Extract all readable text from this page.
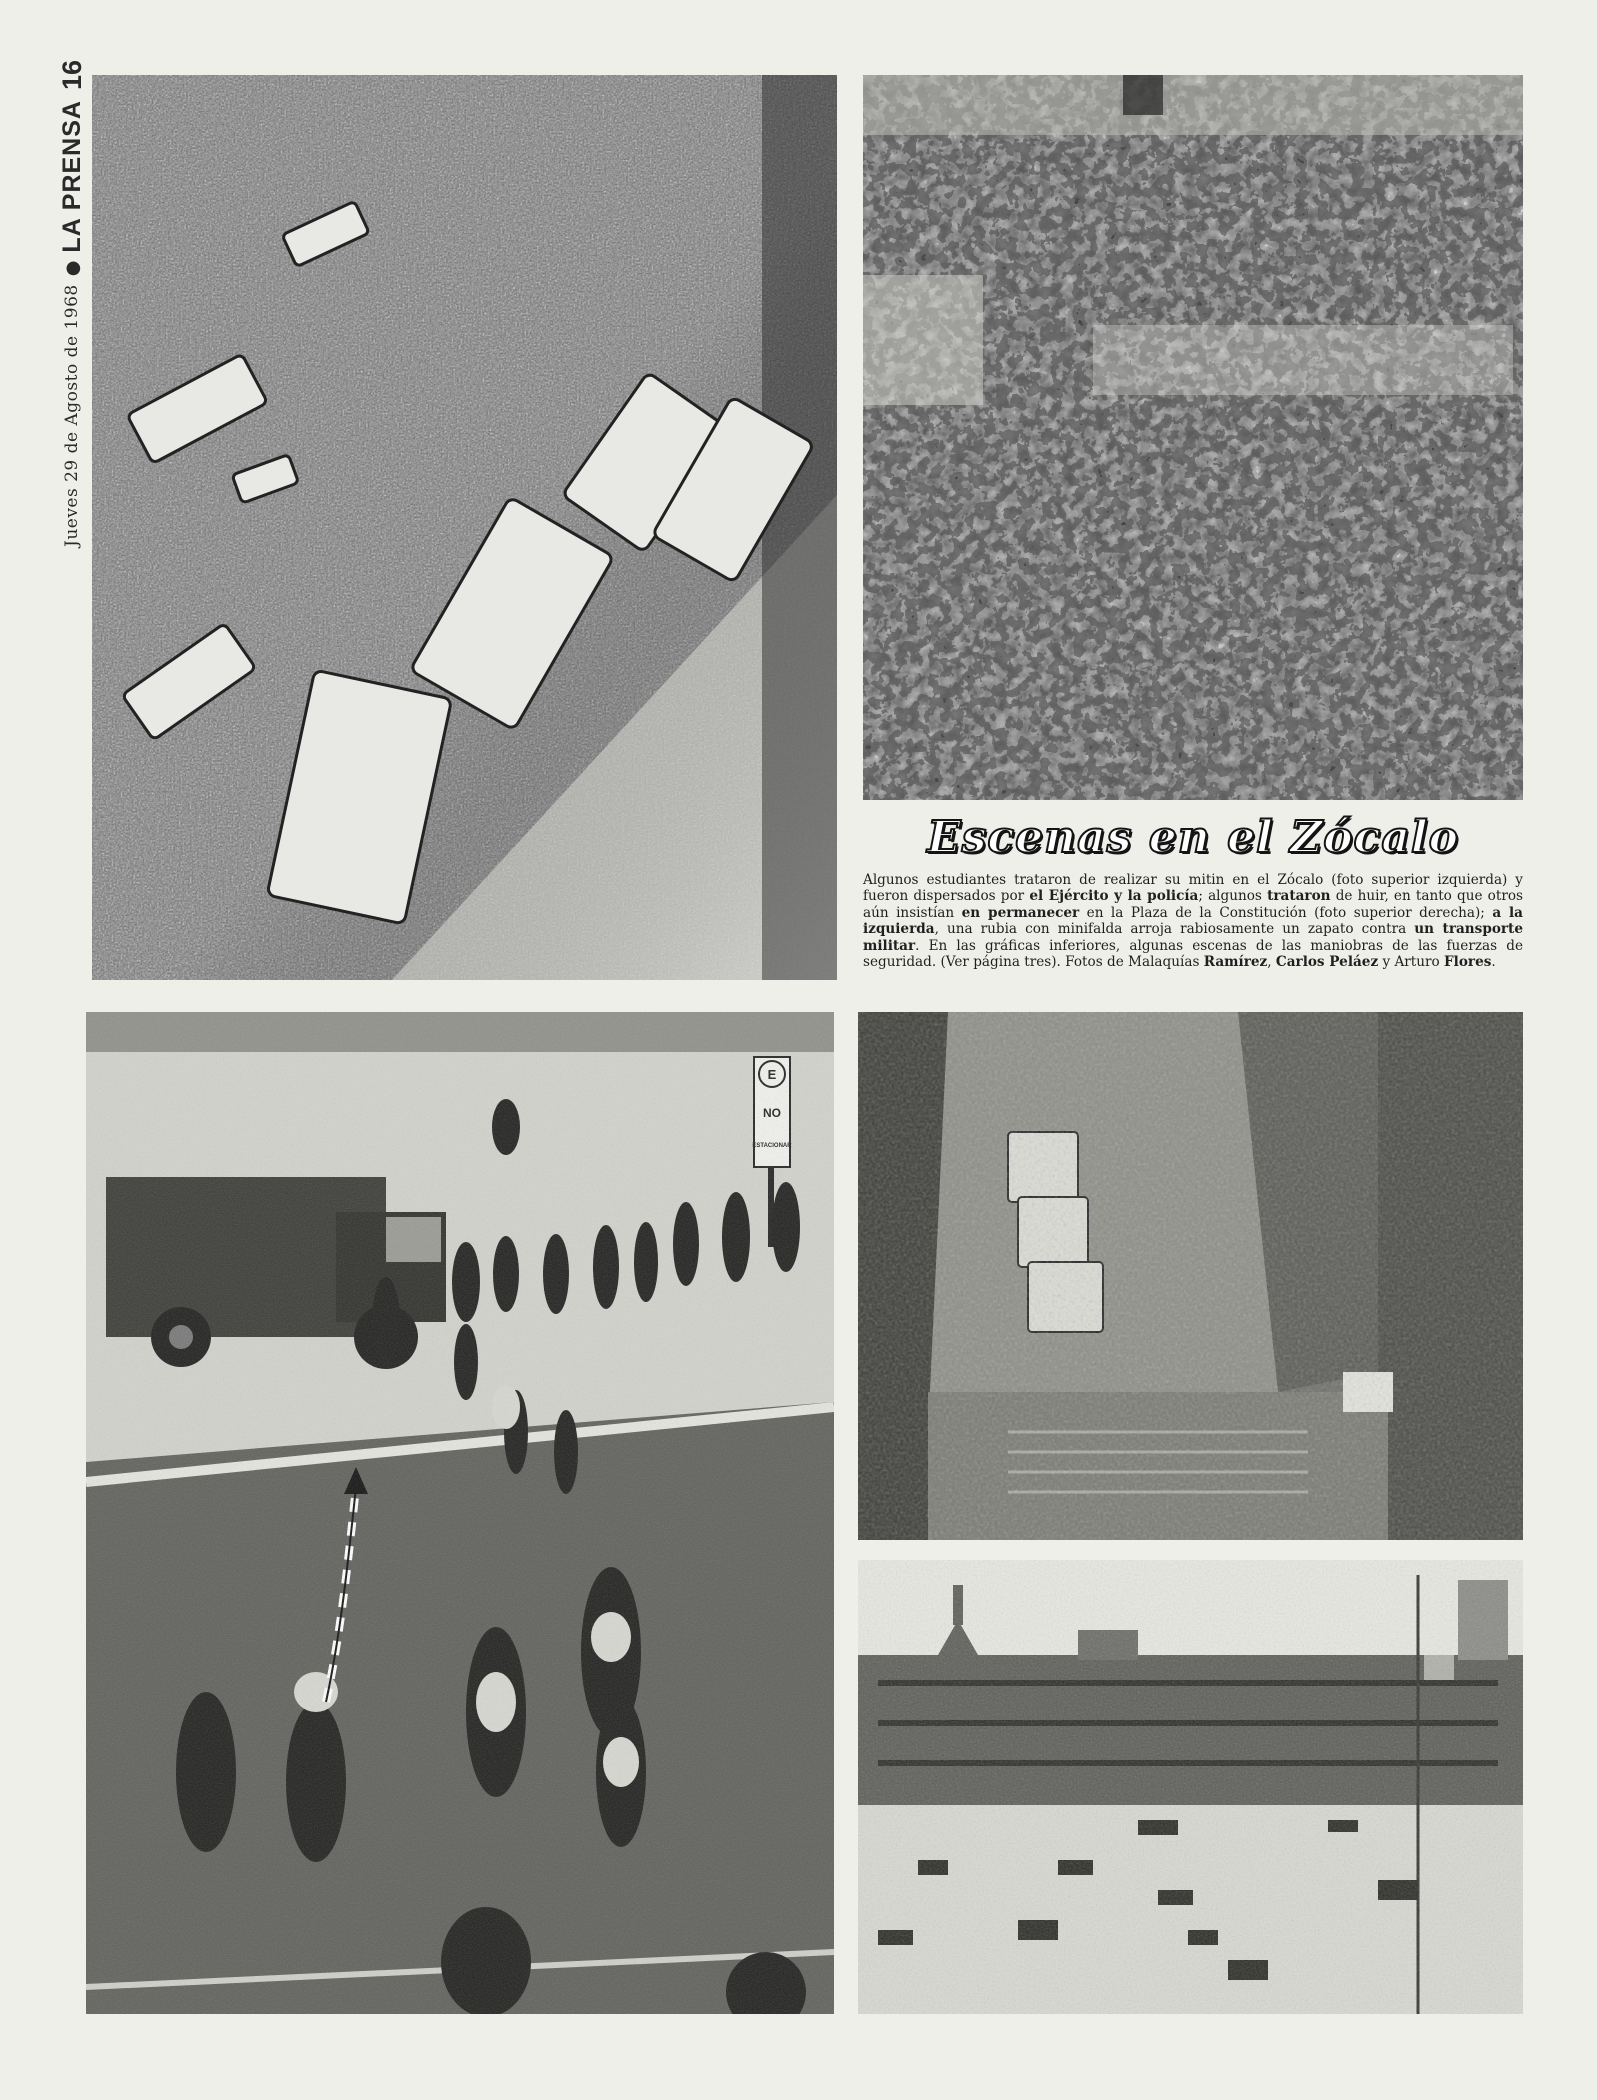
Jueves 29 de Agosto de 1968
●
LA PRENSA
16
Escenas en el Zócalo

Algunos estudiantes trataron de realizar su mitin en el Zócalo (foto superior izquierda) y fueron dispersados por el Ejército y la policía; algunos trataron de huir, en tanto que otros aún insistían en permanecer en la Plaza de la Constitución (foto superior derecha); a la izquierda, una rubia con minifalda arroja rabiosamente un zapato contra un transporte militar. En las gráficas inferiores, algunas escenas de las maniobras de las fuerzas de seguridad. (Ver página tres). Fotos de Malaquías Ramírez, Carlos Peláez y Arturo Flores.
